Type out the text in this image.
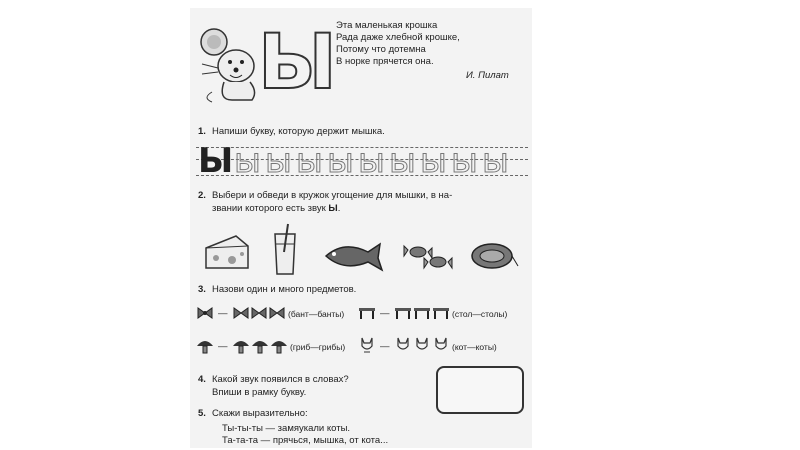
Ы Эта маленькая крошка
Рада даже хлебной крошке,
Потому что дотемна
В норке прячется она.
И. Пилат
1. Напиши букву, которую держит мышка.
Ы ы ы ы ы ы ы ы ы ы
2. Выбери и обведи в кружок угощение для мышки, в на-
звании которого есть звук Ы.
3. Назови один и много предметов.
—	(бант—банты)	—	(стол—столы)
—	(гриб—грибы)	—	(кот—коты)
4. Какой звук появился в словах?
Впиши в рамку букву.
5. Скажи выразительно:
Ты-ты-ты — замяукали коты.
Та-та-та — прячься, мышка, от кота...
